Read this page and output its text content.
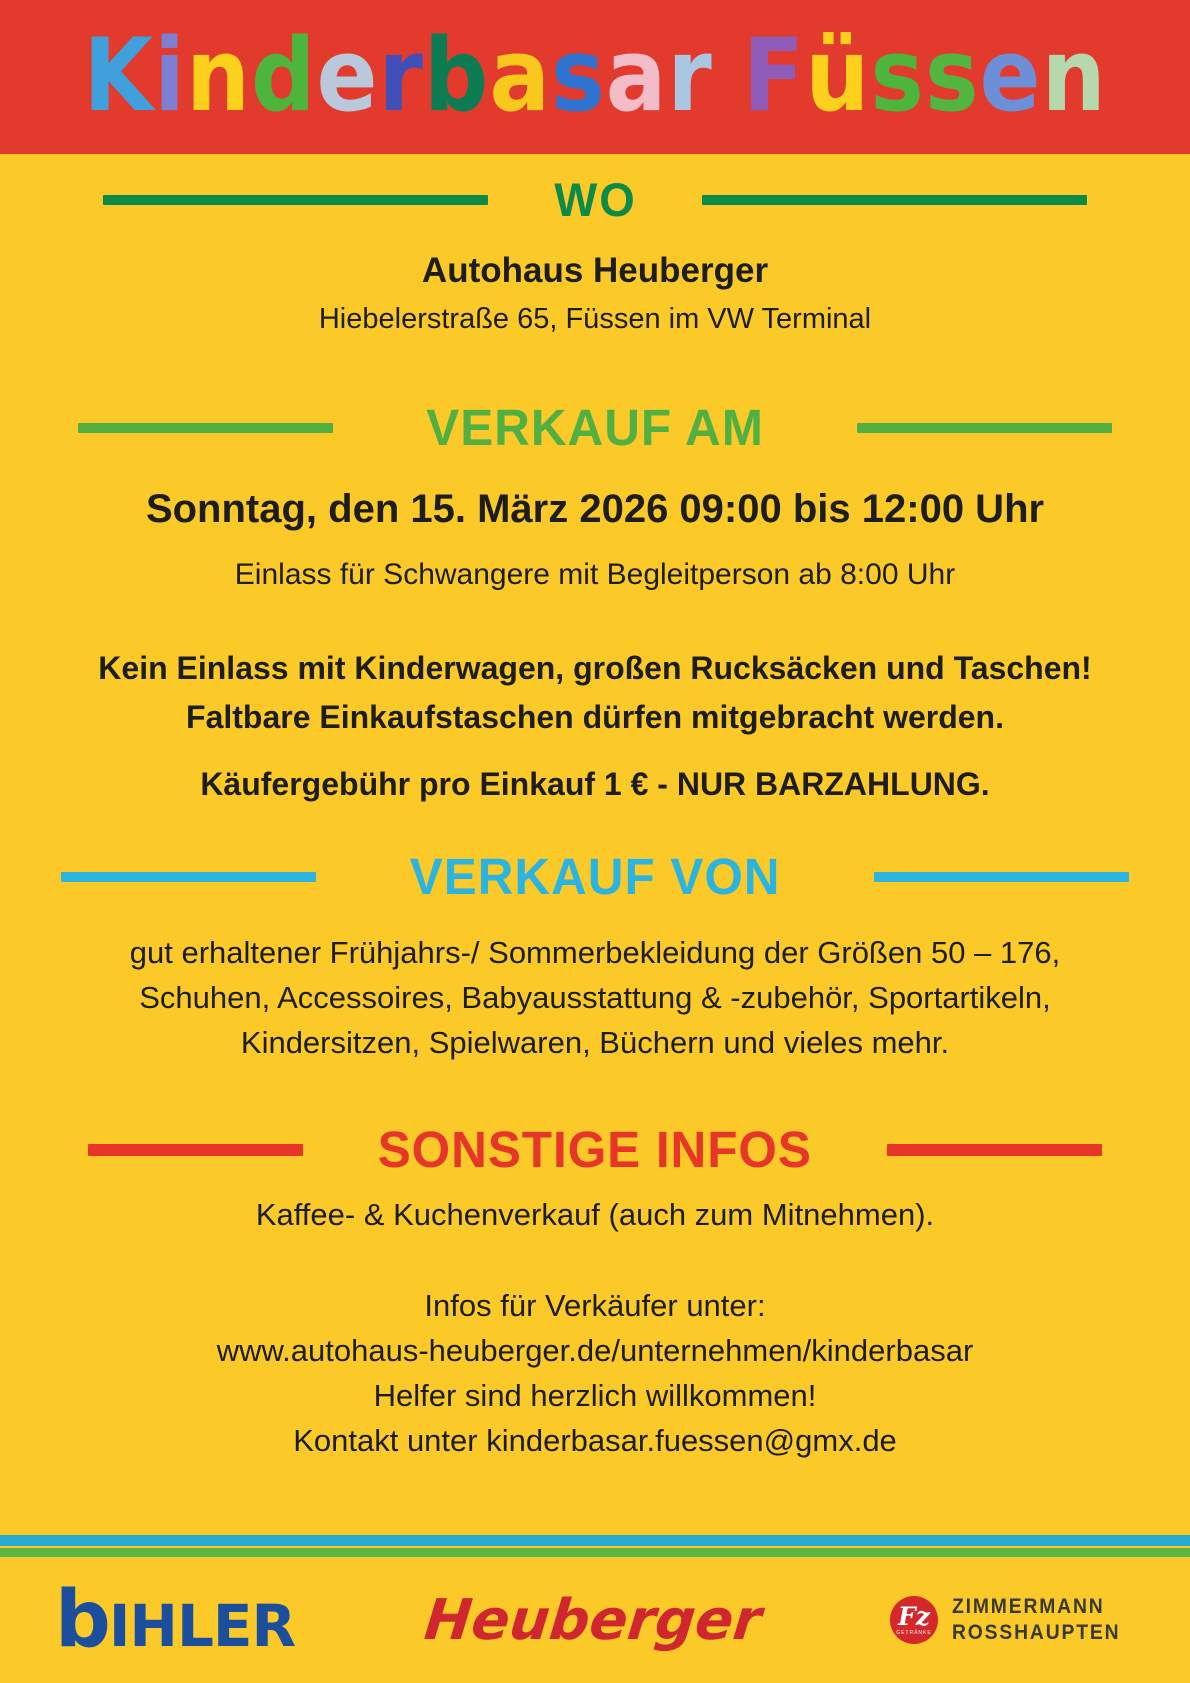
Kinderbasar Füssen
WO
Autohaus Heuberger
Hiebelerstraße 65, Füssen im VW Terminal
VERKAUF AM
Sonntag, den 15. März 2026 09:00 bis 12:00 Uhr
Einlass für Schwangere mit Begleitperson ab 8:00 Uhr
Kein Einlass mit Kinderwagen, großen Rucksäcken und Taschen!
Faltbare Einkaufstaschen dürfen mitgebracht werden.
Käufergebühr pro Einkauf 1 € - NUR BARZAHLUNG.
VERKAUF VON
gut erhaltener Frühjahrs-/ Sommerbekleidung der Größen 50 – 176,
Schuhen, Accessoires, Babyausstattung & -zubehör, Sportartikeln,
Kindersitzen, Spielwaren, Büchern und vieles mehr.
SONSTIGE INFOS
Kaffee- & Kuchenverkauf (auch zum Mitnehmen).
Infos für Verkäufer unter:
www.autohaus-heuberger.de/unternehmen/kinderbasar
Helfer sind herzlich willkommen!
Kontakt unter kinderbasar.fuessen@gmx.de
bIHLER Heuberger	Fz
GETRÄNKE
ZIMMERMANN
ROSSHAUPTEN
